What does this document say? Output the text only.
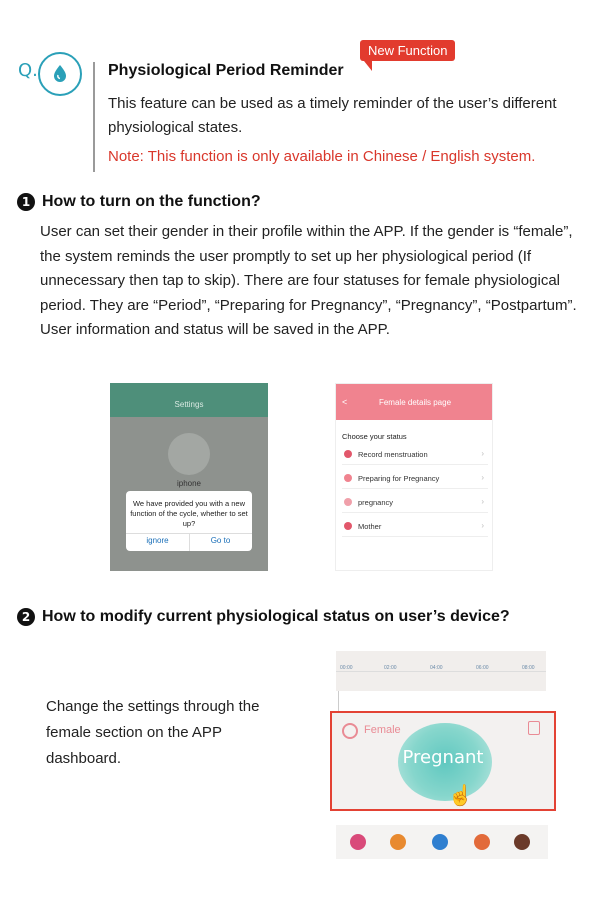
Q.
New Function
Physiological Period Reminder
This feature can be used as a timely reminder of the user’s different physiological states.
Note: This function is only available in Chinese / English system.
1 How to turn on the function?
User can set their gender in their profile within the APP. If the gender is “female”, the system reminds the user promptly to set up her physiological period (If unnecessary then tap to skip). There are four statuses for female physiological period. They are “Period”, “Preparing for Pregnancy”, “Pregnancy”, “Postpartum”. User information and status will be saved in the APP.
Settings
iphone
We have provided you with a new function of the cycle, whether to set up?
ignore	Go to
<	Female details page
Choose your status
Record menstruation	›
Preparing for Pregnancy	›
pregnancy	›
Mother	›
2 How to modify current physiological status on user’s device?
Change the settings through the female section on the APP dashboard.
00:00	02:00	04:00	06:00	08:00
Female
Pregnant
☝
